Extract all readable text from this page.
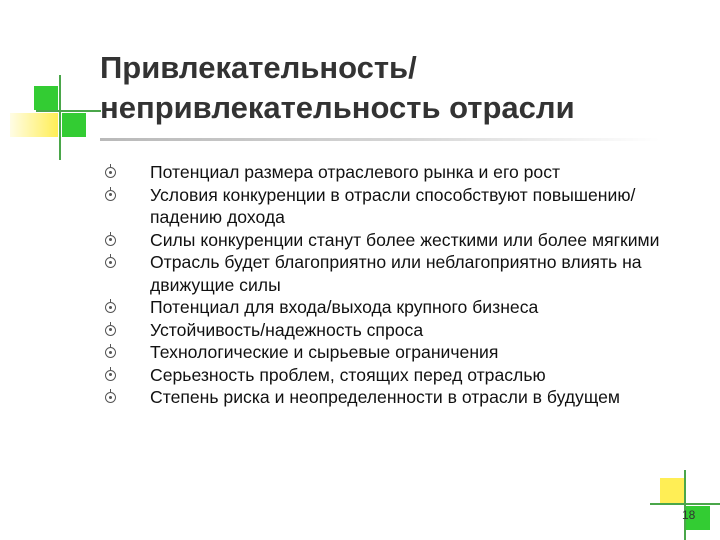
Привлекательность/
непривлекательность отрасли
Потенциал размера отраслевого рынка и его рост
Условия конкуренции в отрасли способствуют повышению/падению дохода
Силы конкуренции станут более жесткими или более мягкими
Отрасль будет благоприятно или неблагоприятно влиять на движущие силы
Потенциал для входа/выхода крупного бизнеса
Устойчивость/надежность спроса
Технологические и сырьевые ограничения
Серьезность проблем, стоящих перед отраслью
Степень риска и неопределенности в отрасли в будущем
18
